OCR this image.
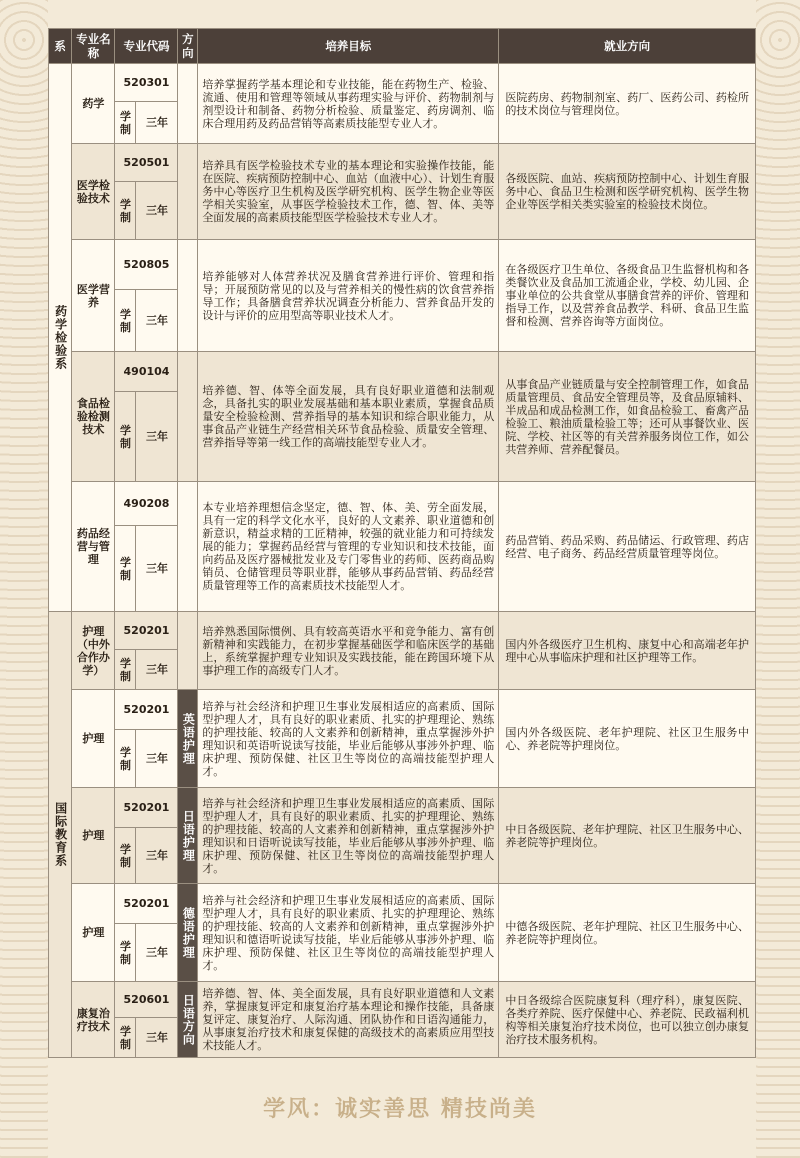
系	专业名称	专业代码		方向	培养目标	就业方向

药学检验系	药学	520301			培养掌握药学基本理论和专业技能，能在药物生产、检验、流通、使用和管理等领域从事药理实验与评价、药物制剂与剂型设计和制备、药物分析检验、质量鉴定、药房调剂、临床合理用药及药品营销等高素质技能型专业人才。	医院药房、药物制剂室、药厂、医药公司、药检所的技术岗位与管理岗位。
		学制	三年			
	医学检验技术	520501			培养具有医学检验技术专业的基本理论和实验操作技能，能在医院、疾病预防控制中心、血站（血液中心）、计划生育服务中心等医疗卫生机构及医学研究机构、医学生物企业等医学相关实验室，从事医学检验技术工作，德、智、体、美等全面发展的高素质技能型医学检验技术专业人才。	各级医院、血站、疾病预防控制中心、计划生育服务中心、食品卫生检测和医学研究机构、医学生物企业等医学相关类实验室的检验技术岗位。
		学制	三年			
	医学营养	520805			培养能够对人体营养状况及膳食营养进行评价、管理和指导；开展预防常见的以及与营养相关的慢性病的饮食营养指导工作；具备膳食营养状况调查分析能力、营养食品开发的设计与评价的应用型高等职业技术人才。	在各级医疗卫生单位、各级食品卫生监督机构和各类餐饮业及食品加工流通企业，学校、幼儿园、企事业单位的公共食堂从事膳食营养的评价、管理和指导工作，以及营养食品教学、科研、食品卫生监督和检测、营养咨询等方面岗位。
		学制	三年			
	食品检验检测技术	490104			培养德、智、体等全面发展，具有良好职业道德和法制观念，具备扎实的职业发展基础和基本职业素质，掌握食品质量安全检验检测、营养指导的基本知识和综合职业能力，从事食品产业链生产经营相关环节食品检验、质量安全管理、营养指导等第一线工作的高端技能型专业人才。	从事食品产业链质量与安全控制管理工作，如食品质量管理员、食品安全管理员等，及食品原辅料、半成品和成品检测工作，如食品检验工、畜禽产品检验工、粮油质量检验工等；还可从事餐饮业、医院、学校、社区等的有关营养服务岗位工作，如公共营养师、营养配餐员。
		学制	三年			
	药品经营与管理	490208			本专业培养理想信念坚定，德、智、体、美、劳全面发展，具有一定的科学文化水平，良好的人文素养、职业道德和创新意识，精益求精的工匠精神，较强的就业能力和可持续发展的能力；掌握药品经营与管理的专业知识和技术技能，面向药品及医疗器械批发业及专门零售业的药师、医药商品购销员、仓储管理员等职业群，能够从事药品营销、药品经营质量管理等工作的高素质技术技能型人才。	药品营销、药品采购、药品储运、行政管理、药店经营、电子商务、药品经营质量管理等岗位。
		学制	三年			

国际教育系	护理（中外合作办学）	520201			培养熟悉国际惯例、具有较高英语水平和竞争能力、富有创新精神和实践能力，在初步掌握基础医学和临床医学的基础上，系统掌握护理专业知识及实践技能，能在跨国环境下从事护理工作的高级专门人才。	国内外各级医疗卫生机构、康复中心和高端老年护理中心从事临床护理和社区护理等工作。
		学制	三年			
	护理	520201		英语护理	培养与社会经济和护理卫生事业发展相适应的高素质、国际型护理人才，具有良好的职业素质、扎实的护理理论、熟练的护理技能、较高的人文素养和创新精神，重点掌握涉外护理知识和英语听说读写技能，毕业后能够从事涉外护理、临床护理、预防保健、社区卫生等岗位的高端技能型护理人才。	国内外各级医院、老年护理院、社区卫生服务中心、养老院等护理岗位。
		学制	三年			
	护理	520201		日语护理	培养与社会经济和护理卫生事业发展相适应的高素质、国际型护理人才，具有良好的职业素质、扎实的护理理论、熟练的护理技能、较高的人文素养和创新精神，重点掌握涉外护理知识和日语听说读写技能，毕业后能够从事涉外护理、临床护理、预防保健、社区卫生等岗位的高端技能型护理人才。	中日各级医院、老年护理院、社区卫生服务中心、养老院等护理岗位。
		学制	三年			
	护理	520201		德语护理	培养与社会经济和护理卫生事业发展相适应的高素质、国际型护理人才，具有良好的职业素质、扎实的护理理论、熟练的护理技能、较高的人文素养和创新精神，重点掌握涉外护理知识和德语听说读写技能，毕业后能够从事涉外护理、临床护理、预防保健、社区卫生等岗位的高端技能型护理人才。	中德各级医院、老年护理院、社区卫生服务中心、养老院等护理岗位。
		学制	三年			
	康复治疗技术	520601		日语方向	培养德、智、体、美全面发展，具有良好职业道德和人文素养，掌握康复评定和康复治疗基本理论和操作技能，具备康复评定、康复治疗、人际沟通、团队协作和日语沟通能力，从事康复治疗技术和康复保健的高级技术的高素质应用型技术技能人才。	中日各级综合医院康复科（理疗科），康复医院、各类疗养院、医疗保健中心、养老院、民政福利机构等相关康复治疗技术岗位，也可以独立创办康复治疗技术服务机构。
		学制	三年			
学风：诚实善思 精技尚美
